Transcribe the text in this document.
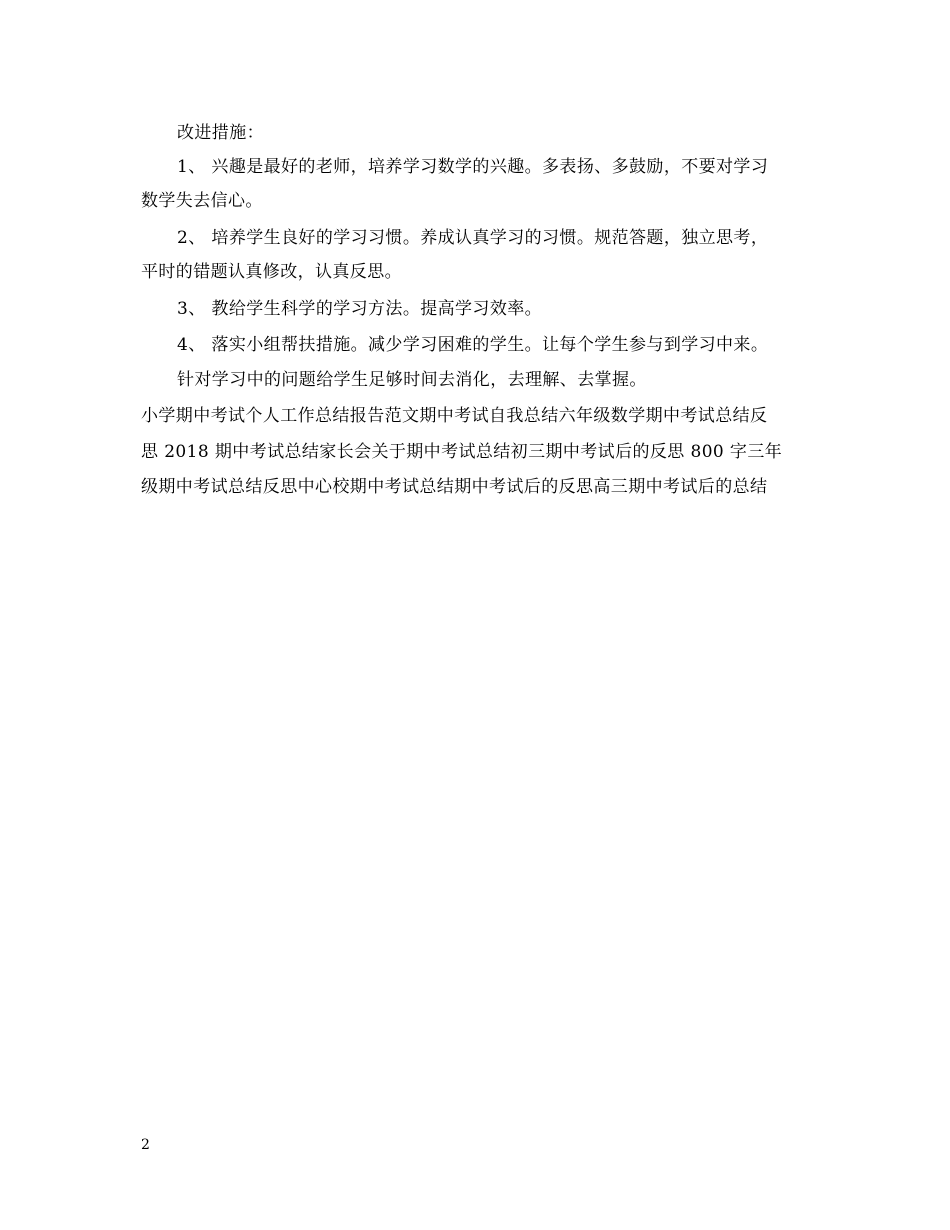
改进措施：
1、 兴趣是最好的老师，培养学习数学的兴趣。多表扬、多鼓励，不要对学习
数学失去信心。
2、 培养学生良好的学习习惯。养成认真学习的习惯。规范答题，独立思考，
平时的错题认真修改，认真反思。
3、 教给学生科学的学习方法。提高学习效率。
4、 落实小组帮扶措施。减少学习困难的学生。让每个学生参与到学习中来。
针对学习中的问题给学生足够时间去消化，去理解、去掌握。
小学期中考试个人工作总结报告范文期中考试自我总结六年级数学期中考试总结反
思 2018 期中考试总结家长会关于期中考试总结初三期中考试后的反思 800 字三年
级期中考试总结反思中心校期中考试总结期中考试后的反思高三期中考试后的总结
2
